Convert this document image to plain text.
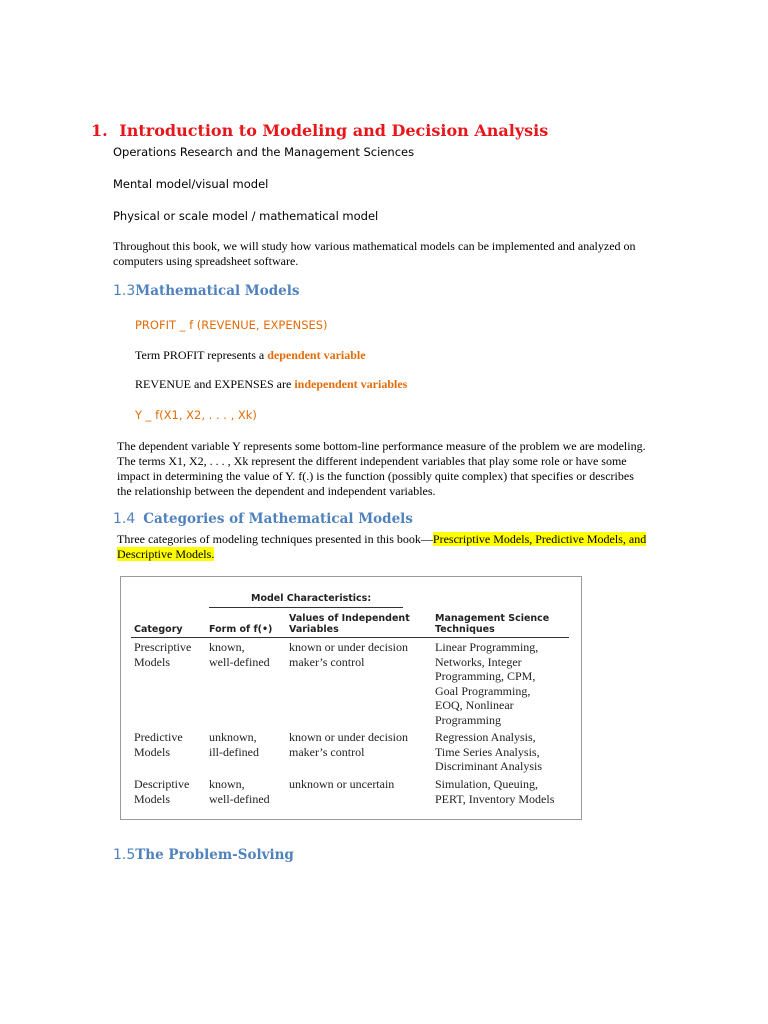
1. Introduction to Modeling and Decision Analysis
Operations Research and the Management Sciences
Mental model/visual model
Physical or scale model / mathematical model
Throughout this book, we will study how various mathematical models can be implemented and analyzed on
computers using spreadsheet software.
1.3Mathematical Models
PROFIT _ f (REVENUE, EXPENSES)
Term PROFIT represents a dependent variable
REVENUE and EXPENSES are independent variables
Y _ f(X1, X2, . . . , Xk)
The dependent variable Y represents some bottom-line performance measure of the problem we are modeling.
The terms X1, X2, . . . , Xk represent the different independent variables that play some role or have some
impact in determining the value of Y. f(.) is the function (possibly quite complex) that specifies or describes
the relationship between the dependent and independent variables.
1.4 Categories of Mathematical Models
Three categories of modeling techniques presented in this book—Prescriptive Models, Predictive Models, and
Descriptive Models.
Model Characteristics:
Category	Form of f(•)
Values of Independent
Variables
Management Science
Techniques
Prescriptive
Models
known,
well-defined
known or under decision
maker’s control
Linear Programming,
Networks, Integer
Programming, CPM,
Goal Programming,
EOQ, Nonlinear
Programming
Predictive
Models
unknown,
ill-defined
known or under decision
maker’s control
Regression Analysis,
Time Series Analysis,
Discriminant Analysis
Descriptive
Models
known,
well-defined
unknown or uncertain	Simulation, Queuing,
PERT, Inventory Models
1.5The Problem-Solving
